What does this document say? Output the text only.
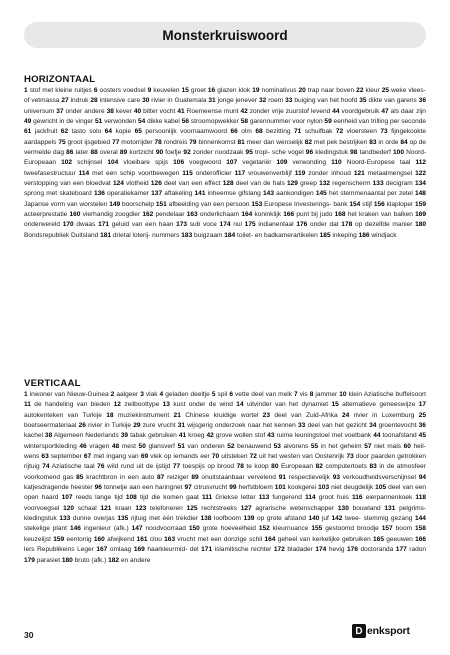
Monsterkruiswoord
HORIZONTAAL
1 stof met kleine ruitjes 6 oosters voedsel 9 keuvelen 15 groet 16 glazen klok 19 nominativus 20 trap naar boven 22 kleur 25 weke vlees- of vetmassa 27 indruk 28 intensive care 30 rivier in Guatemala 31 jonge jenever 32 roem 33 buiging van het hoofd 35 dikte van garens 36 universum 37 onder andere 38 kever 40 bitter vocht 41 Roemeense munt 42 zonder vrije zuurstof levend 44 voordgebruik 47 als daar zijn 49 gewricht in de vinger 51 verwonden 54 dikke kabel 56 stroomopwekker 58 garennummer voor nylon 59 eenheid van trilling per seconde 61 jackfruit 62 tasto solo 64 kopie 65 persoonlijk voornaamwoord 66 olm 68 bezitting 71 schuifbak 72 vloersteen 73 fijngekookte aardappels 75 groot ijsgebied 77 motorrijder 78 rondreis 79 binnenkomst 81 meer dan wenselijk 82 met pek bestrijken 83 in orde 84 op de vermelde dag 86 later 88 overal 89 kortzicht 90 foefje 92 zonder noodzaak 95 tropi- sche vogel 96 kledingstuk 98 tandbederf 100 Noord-Europeaan 102 schijnsel 104 vloeibare spijs 106 voegwoord 107 vegetariër 109 verwonding 110 Noord-Europese taal 112 tweefasestructuur 114 met een schip voortbewegen 115 onderofficier 117 vrouwenverblijf 119 zonder inhoud 121 metaalmengsel 122 verstopping van een bloedvat 124 vlotheid 126 deel van een effect 128 deel van de hals 129 greep 132 regenscherm 133 decigram 134 sprong met skateboard 136 operatiekamer 137 aftakeling 141 inheemse gifslang 143 aankondigen 145 het stemmenaantal per zetel 148 Japanse vorm van worstelen 149 boorschelp 151 afbeelding van een persoon 153 Europese Investerings- bank 154 stijf 156 klaploper 159 acteerprestatie 160 vierhandig zoogdier 162 pendelaar 163 onderlichaam 164 koninklijk 166 punt bij judo 168 het kraken van balken 169 onderwereld 170 dwaas 171 geluid van een haan 173 sub voce 174 nul 175 indianentaal 176 onder dat 178 op dezelfde manier 180 Bondsrepubliek Duitsland 181 drietal loterij- nummers 183 buigzaam 184 toilet- en badkamerartikelen 185 inkeping 186 windjack
VERTICAAL
1 inwoner van Nieuw-Guinea 2 aalgeer 3 vlak 4 geladen deeltje 5 spil 6 vette deel van melk 7 vis 8 jammer 10 klein Aziatische buffelsoort 11 de handeling van bieden 12 zeilboottype 13 kust onder de wind 14 uitvinder van het dynamiet 15 alternatieve geneeswijze 17 autokenteken van Turkije 18 muziekinstrument 21 Chinese kruidige wortel 23 deel van Zuid-Afrika 24 rivier in Luxemburg 25 boetseermateriaal 26 rivier in Turkije 29 zure vrucht 31 wijsgerig onderzoek naar het kennen 33 deel van het gezicht 34 groentevocht 36 kachel 38 Algemeen Nederlands 39 tabak gebruiken 41 kroeg 42 grove wollen stof 43 ruime leuningstoel met voetbank 44 toonafstand 45 wintersportkleding 46 vragen 48 mest 50 glansverf 51 van onderen 52 benauwend 53 alvorens 55 in het geheim 57 niet mals 60 heil- wens 63 september 67 met ingang van 69 vlek op iemands eer 70 uitsteken 72 uit het westen van Oostenrijk 73 door paarden getrokken rijtuig 74 Aziatische taal 76 wild rund uit de ijstijd 77 toespijs op brood 78 te koop 80 Europeaan 82 computertoets 83 in de atmosfeer voorkomend gas 85 krachtbron in een auto 87 reiziger 89 onuitstaanbaar vervelend 91 respectievelijk 93 verkoudheidsverschijnsel 94 katjesdragende heester 96 tonnetje aan een haringnet 97 citrusvrucht 99 herfstbloem 101 kookgerei 103 niet deugdelijk 105 deel van een open haard 107 reeds lange tijd 108 tijd die komen gaat 111 Griekse letter 113 fungerend 114 groot huis 116 eierpannenkoek 118 voorvoegsel 120 schaal 121 kraan 123 telefoneren 125 rechtstreeks 127 agrarische wetenschapper 130 bouwland 131 pelgrims- kledingstuk 133 dunne overjas 135 rijtuig met één trekdier 138 loofboom 139 op grote afstand 140 juf 142 twee- stemmig gezang 144 stekelige plant 146 ingenieur (afk.) 147 noodvoorraad 150 grote hoeveelheid 152 kleurnuance 155 gestoomd broodje 157 boom 158 keuzelijst 159 eentonig 160 afwijkend 161 clou 163 vrucht met een donzige schil 164 geheel van kerkelijke gebruiken 165 geeuwen 166 lers Republikeins Leger 167 omlaag 169 haarkleurmid- del 171 islamitische rechter 172 bladader 174 hevig 176 doctoranda 177 radon 179 parasiet 180 bruto (afk.) 182 en andere
30	D enksport
